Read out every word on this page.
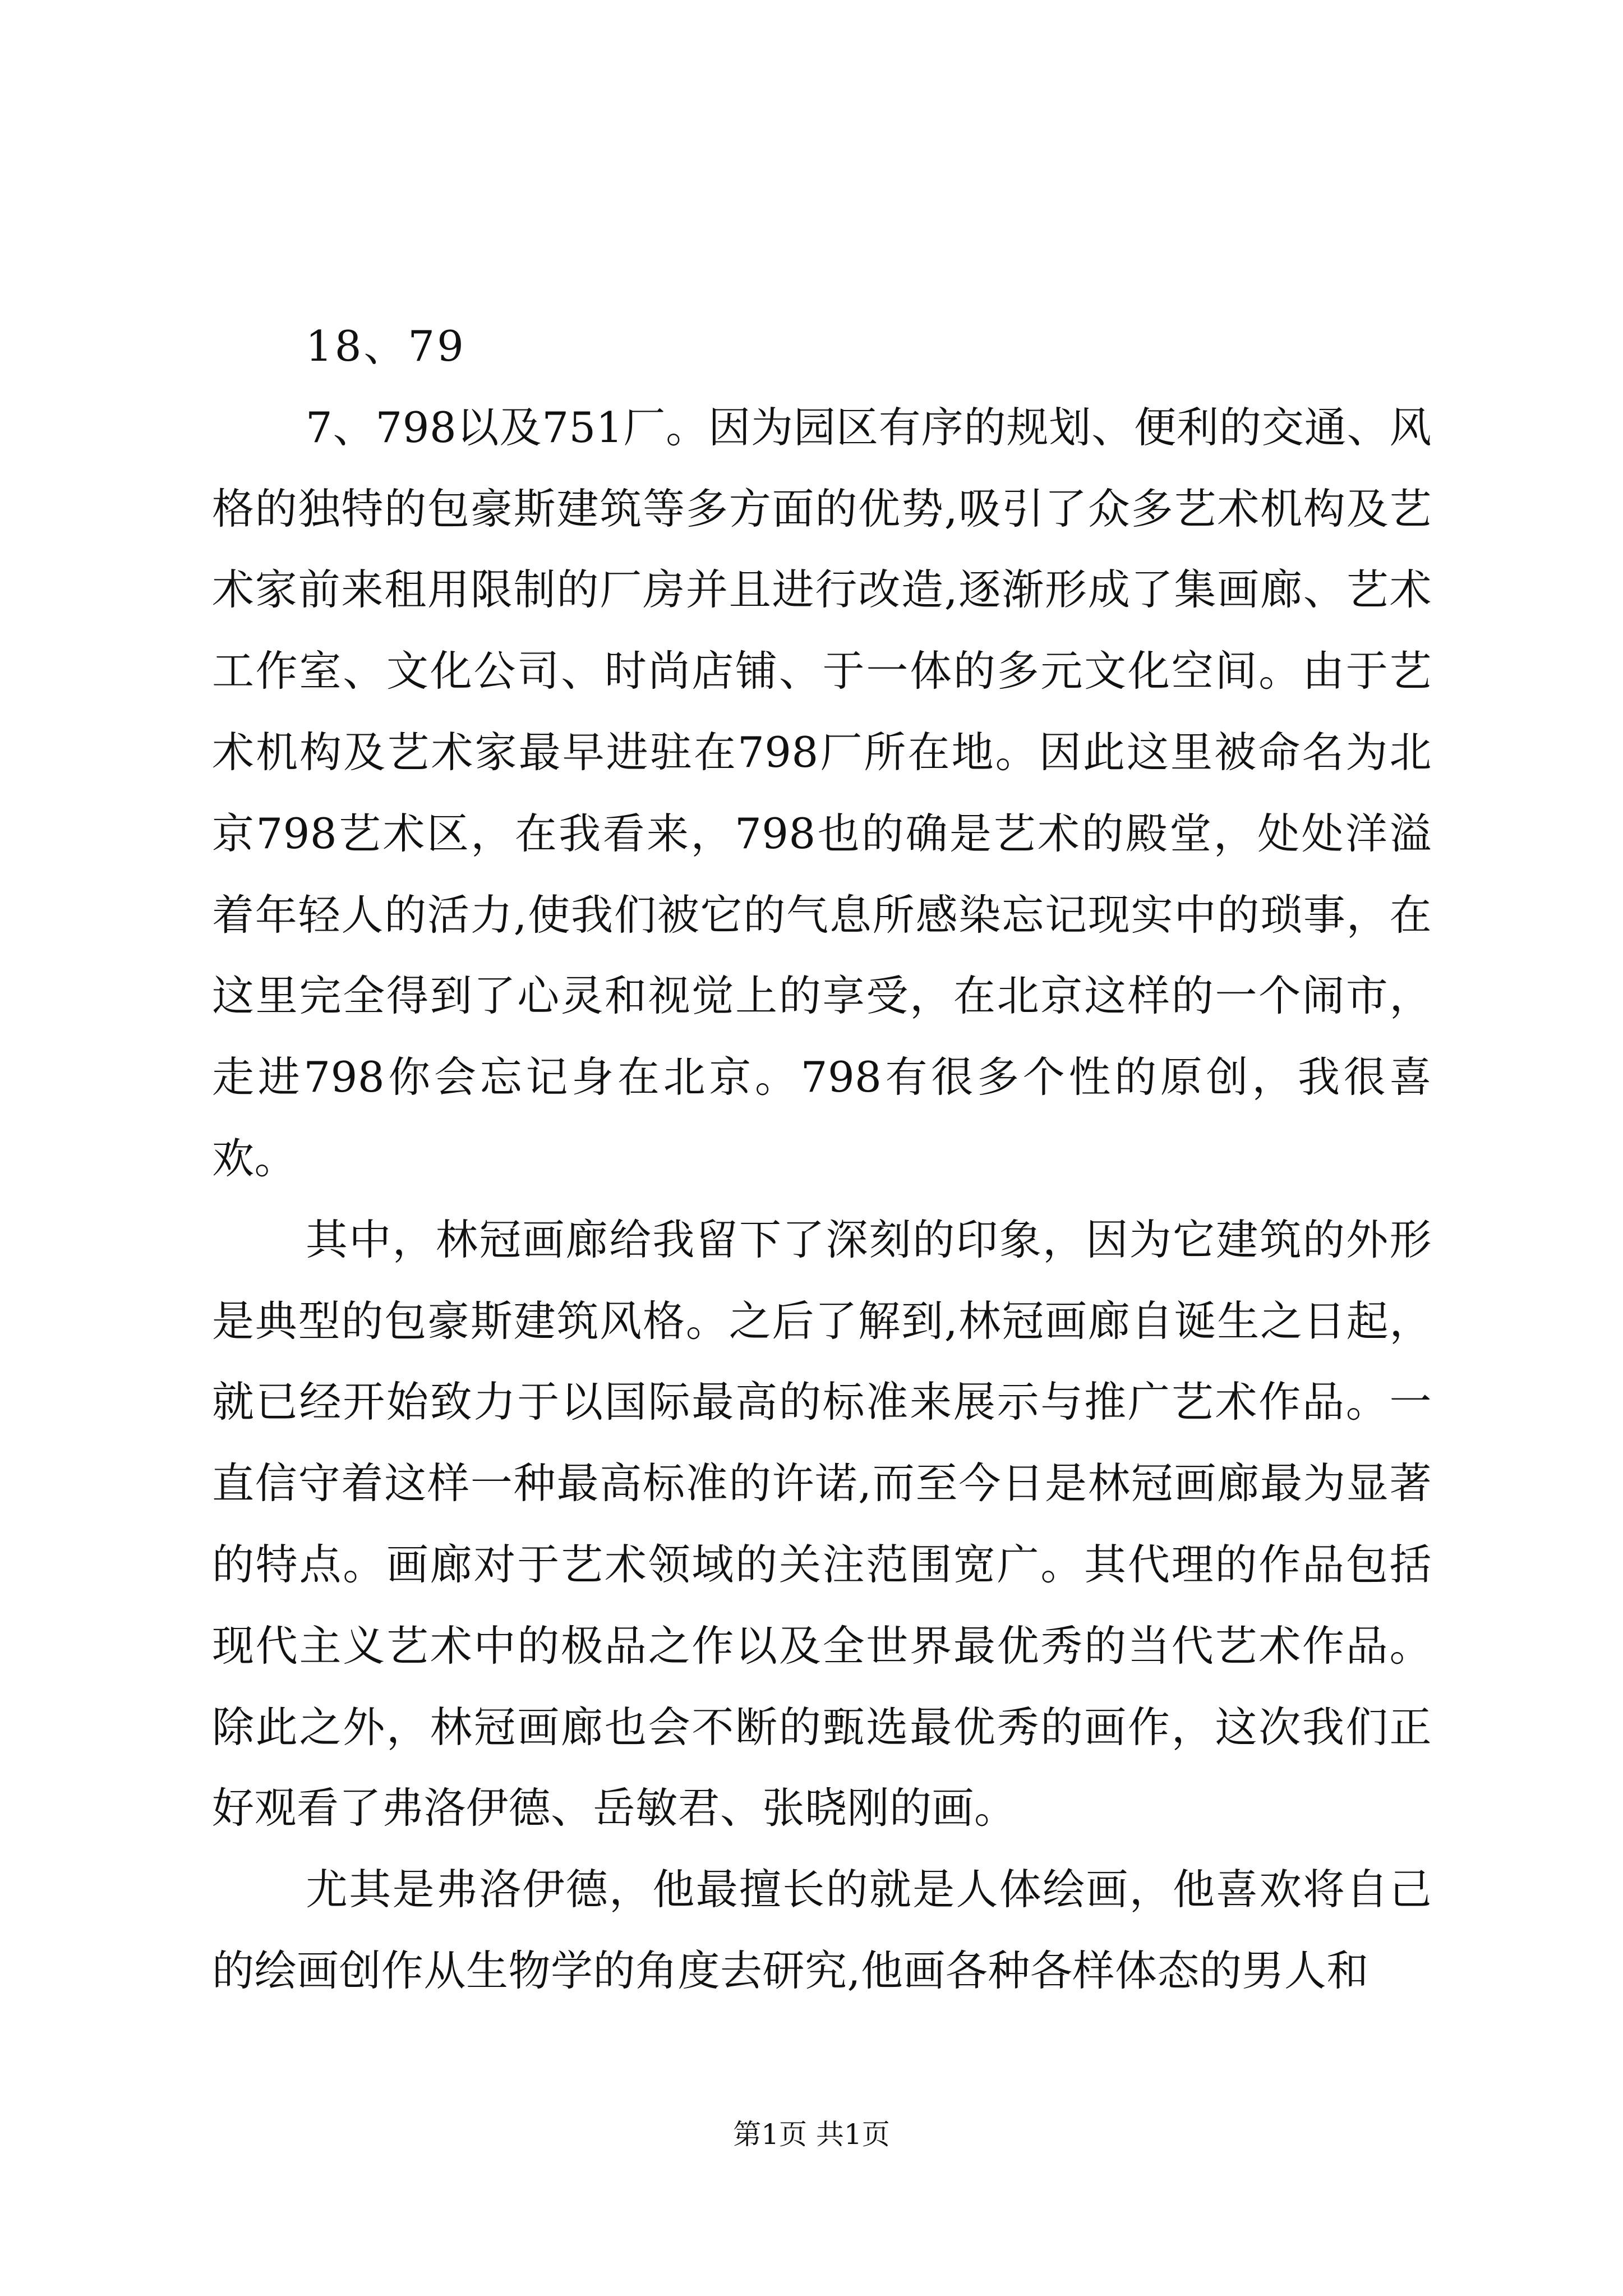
18、79

7、798以及751厂。因为园区有序的规划、便利的交通、风格的独特的包豪斯建筑等多方面的优势,吸引了众多艺术机构及艺术家前来租用限制的厂房并且进行改造,逐渐形成了集画廊、艺术工作室、文化公司、时尚店铺、于一体的多元文化空间。由于艺术机构及艺术家最早进驻在798厂所在地。因此这里被命名为北京798艺术区，在我看来，798也的确是艺术的殿堂，处处洋溢着年轻人的活力,使我们被它的气息所感染忘记现实中的琐事，在这里完全得到了心灵和视觉上的享受，在北京这样的一个闹市，走进798你会忘记身在北京。798有很多个性的原创，我很喜欢。

其中，林冠画廊给我留下了深刻的印象，因为它建筑的外形是典型的包豪斯建筑风格。之后了解到,林冠画廊自诞生之日起，就已经开始致力于以国际最高的标准来展示与推广艺术作品。一直信守着这样一种最高标准的许诺,而至今日是林冠画廊最为显著的特点。画廊对于艺术领域的关注范围宽广。其代理的作品包括现代主义艺术中的极品之作以及全世界最优秀的当代艺术作品。除此之外，林冠画廊也会不断的甄选最优秀的画作，这次我们正好观看了弗洛伊德、岳敏君、张晓刚的画。

尤其是弗洛伊德，他最擅长的就是人体绘画，他喜欢将自己的绘画创作从生物学的角度去研究,他画各种各样体态的男人和

第1页 共1页
